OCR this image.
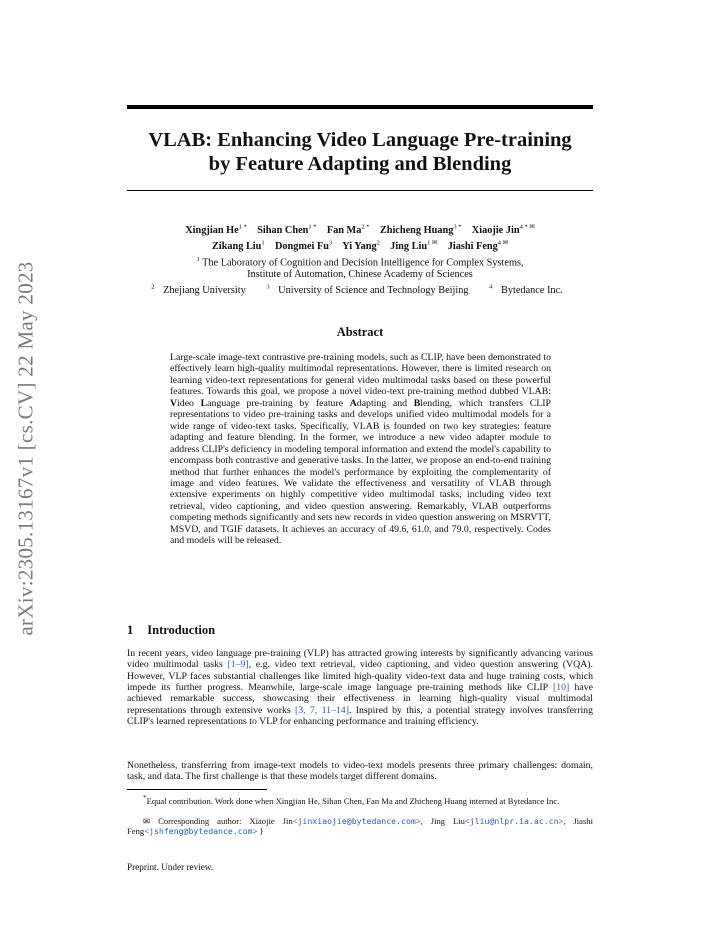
arXiv:2305.13167v1 [cs.CV] 22 May 2023
VLAB: Enhancing Video Language Pre-training
by Feature Adapting and Blending
Xingjian $He^{1 *}$ Sihan Chen$^{1 *}$ Fan $Ma^{2 *}$ Zhicheng Huang$^{3 *}$ Xiaojie Jin$^{4 * ✉}$
Zikang Liu$^1$ Dongmei Fu$^3$ Yi Yang$^2$ Jing Liu$^{1 ✉}$ Jiashi Feng$^{4 ✉}$
$^1$ The Laboratory of Cognition and Decision Intelligence for Complex Systems,
Institute of Automation, Chinese Academy of Sciences
$^2$ Zhejiang University	$^3$ University of Science and Technology Beijing	$^4$ Bytedance Inc.
Abstract

Large-scale image-text contrastive pre-training models, such as CLIP, have been demonstrated to effectively learn high-quality multimodal representations. However, there is limited research on learning video-text representations for general video multimodal tasks based on these powerful features. Towards this goal, we propose a novel video-text pre-training method dubbed VLAB: Video Language pre-training by feature Adapting and Blending, which transfers CLIP representations to video pre-training tasks and develops unified video multimodal models for a wide range of video-text tasks. Specifically, VLAB is founded on two key strategies: feature adapting and feature blending. In the former, we introduce a new video adapter module to address CLIP's deficiency in modeling temporal information and extend the model's capability to encompass both contrastive and generative tasks. In the latter, we propose an end-to-end training method that further enhances the model's performance by exploiting the complementarity of image and video features. We validate the effectiveness and versatility of VLAB through extensive experiments on highly competitive video multimodal tasks, including video text retrieval, video captioning, and video question answering. Remarkably, VLAB outperforms competing methods significantly and sets new records in video question answering on MSRVTT, MSVD, and TGIF datasets. It achieves an accuracy of 49.6, 61.0, and 79.0, respectively. Codes and models will be released.

1 Introduction

In recent years, video language pre-training (VLP) has attracted growing interests by significantly advancing various video multimodal tasks [1–9], e.g. video text retrieval, video captioning, and video question answering (VQA). However, VLP faces substantial challenges like limited high-quality video-text data and huge training costs, which impede its further progress. Meanwhile, large-scale image language pre-training methods like CLIP [10] have achieved remarkable success, showcasing their effectiveness in learning high-quality visual multimodal representations through extensive works [3, 7, 11–14]. Inspired by this, a potential strategy involves transferring CLIP's learned representations to VLP for enhancing performance and training efficiency.

Nonetheless, transferring from image-text models to video-text models presents three primary challenges: domain, task, and data. The first challenge is that these models target different domains.

*Equal contribution. Work done when Xingjian He, Sihan Chen, Fan Ma and Zhicheng Huang interned at Bytedance Inc.

✉ Corresponding author: Xiaojie Jin<jinxiaojie@bytedance.com>, Jing Liu<jliu@nlpr.ia.ac.cn>, Jiashi Feng<jshfeng@bytedance.com> }

Preprint. Under review.
